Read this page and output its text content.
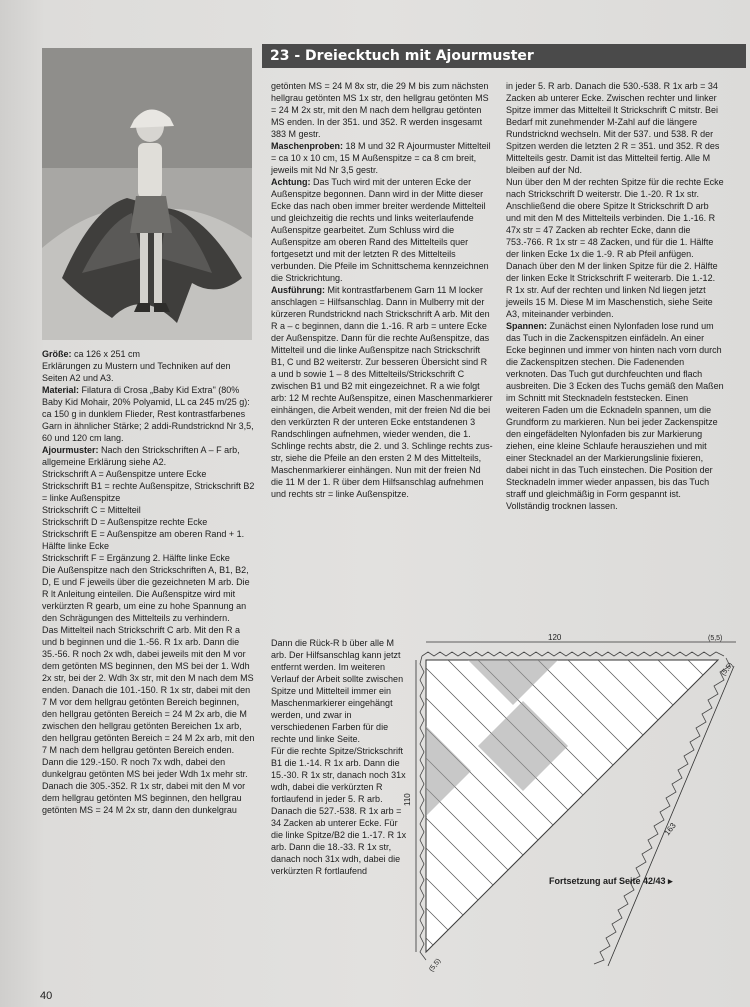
23 - Dreiecktuch mit Ajourmuster

Größe: ca 126 x 251 cm

Erklärungen zu Mustern und Techniken auf den Seiten A2 und A3.

Material: Filatura di Crosa „Baby Kid Extra" (80% Baby Kid Mohair, 20% Polyamid, LL ca 245 m/25 g): ca 150 g in dunklem Flieder, Rest kontrastfarbenes Garn in ähnlicher Stärke; 2 addi-Rundstricknd Nr 3,5, 60 und 120 cm lang.

Ajourmuster: Nach den Strickschriften A – F arb, allgemeine Erklärung siehe A2.

Strickschrift A = Außenspitze untere Ecke

Strickschrift B1 = rechte Außenspitze, Strickschrift B2 = linke Außenspitze

Strickschrift C = Mittelteil

Strickschrift D = Außenspitze rechte Ecke

Strickschrift E = Außenspitze am oberen Rand + 1. Hälfte linke Ecke

Strickschrift F = Ergänzung 2. Hälfte linke Ecke

Die Außenspitze nach den Strickschriften A, B1, B2, D, E und F jeweils über die gezeichneten M arb. Die R lt Anleitung einteilen. Die Außenspitze wird mit verkürzten R gearb, um eine zu hohe Spannung an den Schrägungen des Mittelteils zu verhindern.

Das Mittelteil nach Strickschrift C arb. Mit den R a und b beginnen und die 1.-56. R 1x arb. Dann die 35.-56. R noch 2x wdh, dabei jeweils mit den M vor dem getönten MS beginnen, den MS bei der 1. Wdh 2x str, bei der 2. Wdh 3x str, mit den M nach dem MS enden. Danach die 101.-150. R 1x str, dabei mit den 7 M vor dem hellgrau getönten Bereich beginnen, den hellgrau getönten Bereich = 24 M 2x arb, die M zwischen den hellgrau getönten Bereichen 1x arb, den hellgrau getönten Bereich = 24 M 2x arb, mit den 7 M nach dem hellgrau getönten Bereich enden. Dann die 129.-150. R noch 7x wdh, dabei den dunkelgrau getönten MS bei jeder Wdh 1x mehr str. Danach die 305.-352. R 1x str, dabei mit den M vor dem hellgrau getönten MS beginnen, den hellgrau getönten MS = 24 M 2x str, dann den dunkelgrau

getönten MS = 24 M 8x str, die 29 M bis zum nächsten hellgrau getönten MS 1x str, den hellgrau getönten MS = 24 M 2x str, mit den M nach dem hellgrau getönten MS enden. In der 351. und 352. R werden insgesamt 383 M gestr.

Maschenproben: 18 M und 32 R Ajourmuster Mittelteil = ca 10 x 10 cm, 15 M Außenspitze = ca 8 cm breit, jeweils mit Nd Nr 3,5 gestr.

Achtung: Das Tuch wird mit der unteren Ecke der Außenspitze begonnen. Dann wird in der Mitte dieser Ecke das nach oben immer breiter werdende Mittelteil und gleichzeitig die rechts und links weiterlaufende Außenspitze gearbeitet. Zum Schluss wird die Außenspitze am oberen Rand des Mittelteils quer fortgesetzt und mit der letzten R des Mittelteils verbunden. Die Pfeile im Schnittschema kennzeichnen die Strickrichtung.

Ausführung: Mit kontrastfarbenem Garn 11 M locker anschlagen = Hilfsanschlag. Dann in Mulberry mit der kürzeren Rundstricknd nach Strickschrift A arb. Mit den R a – c beginnen, dann die 1.-16. R arb = untere Ecke der Außenspitze. Dann für die rechte Außenspitze, das Mittelteil und die linke Außenspitze nach Strickschrift B1, C und B2 weiterstr. Zur besseren Übersicht sind R a und b sowie 1 – 8 des Mittelteils/Strickschrift C zwischen B1 und B2 mit eingezeichnet. R a wie folgt arb: 12 M rechte Außenspitze, einen Maschenmarkierer einhängen, die Arbeit wenden, mit der freien Nd die bei den verkürzten R der unteren Ecke entstandenen 3 Randschlingen aufnehmen, wieder wenden, die 1. Schlinge rechts abstr, die 2. und 3. Schlinge rechts zus-str, siehe die Pfeile an den ersten 2 M des Mittelteils, Maschenmarkierer einhängen. Nun mit der freien Nd die 11 M der 1. R über dem Hilfsanschlag aufnehmen und rechts str = linke Außenspitze.

Dann die Rück-R b über alle M arb. Der Hilfsanschlag kann jetzt entfernt werden. Im weiteren Verlauf der Arbeit sollte zwischen Spitze und Mittelteil immer ein Maschenmarkierer eingehängt werden, und zwar in verschiedenen Farben für die rechte und linke Seite.

Für die rechte Spitze/Strickschrift B1 die 1.-14. R 1x arb. Dann die 15.-30. R 1x str, danach noch 31x wdh, dabei die verkürzten R fortlaufend in jeder 5. R arb. Danach die 527.-538. R 1x arb = 34 Zacken ab unterer Ecke. Für die linke Spitze/B2 die 1.-17. R 1x arb. Dann die 18.-33. R 1x str, danach noch 31x wdh, dabei die verkürzten R fortlaufend

in jeder 5. R arb. Danach die 530.-538. R 1x arb = 34 Zacken ab unterer Ecke. Zwischen rechter und linker Spitze immer das Mittelteil lt Strickschrift C mitstr. Bei Bedarf mit zunehmender M-Zahl auf die längere Rundstricknd wechseln. Mit der 537. und 538. R der Spitzen werden die letzten 2 R = 351. und 352. R des Mittelteils gestr. Damit ist das Mittelteil fertig. Alle M bleiben auf der Nd.

Nun über den M der rechten Spitze für die rechte Ecke nach Strickschrift D weiterstr. Die 1.-20. R 1x str. Anschließend die obere Spitze lt Strickschrift D arb und mit den M des Mittelteils verbinden. Die 1.-16. R 47x str = 47 Zacken ab rechter Ecke, dann die 753.-766. R 1x str = 48 Zacken, und für die 1. Hälfte der linken Ecke 1x die 1.-9. R ab Pfeil anfügen. Danach über den M der linken Spitze für die 2. Hälfte der linken Ecke lt Strickschrift F weiterarb. Die 1.-12. R 1x str. Auf der rechten und linken Nd liegen jetzt jeweils 15 M. Diese M im Maschenstich, siehe Seite A3, miteinander verbinden.

Spannen: Zunächst einen Nylonfaden lose rund um das Tuch in die Zackenspitzen einfädeln. An einer Ecke beginnen und immer von hinten nach vorn durch die Zackenspitzen stechen. Die Fadenenden verknoten. Das Tuch gut durchfeuchten und flach ausbreiten. Die 3 Ecken des Tuchs gemäß den Maßen im Schnitt mit Stecknadeln feststecken. Einen weiteren Faden um die Ecknadeln spannen, um die Grundform zu markieren. Nun bei jeder Zackenspitze den eingefädelten Nylonfaden bis zur Markierung ziehen, eine kleine Schlaufe herausziehen und mit einer Stecknadel an der Markierungslinie fixieren, dabei nicht in das Tuch einstechen. Die Position der Stecknadeln immer wieder anpassen, bis das Tuch straff und gleichmäßig in Form gespannt ist. Vollständig trocknen lassen.

120	(5,5)
110
163
(5,5)
(5,5)
Fortsetzung auf Seite 42/43 ▸
40
